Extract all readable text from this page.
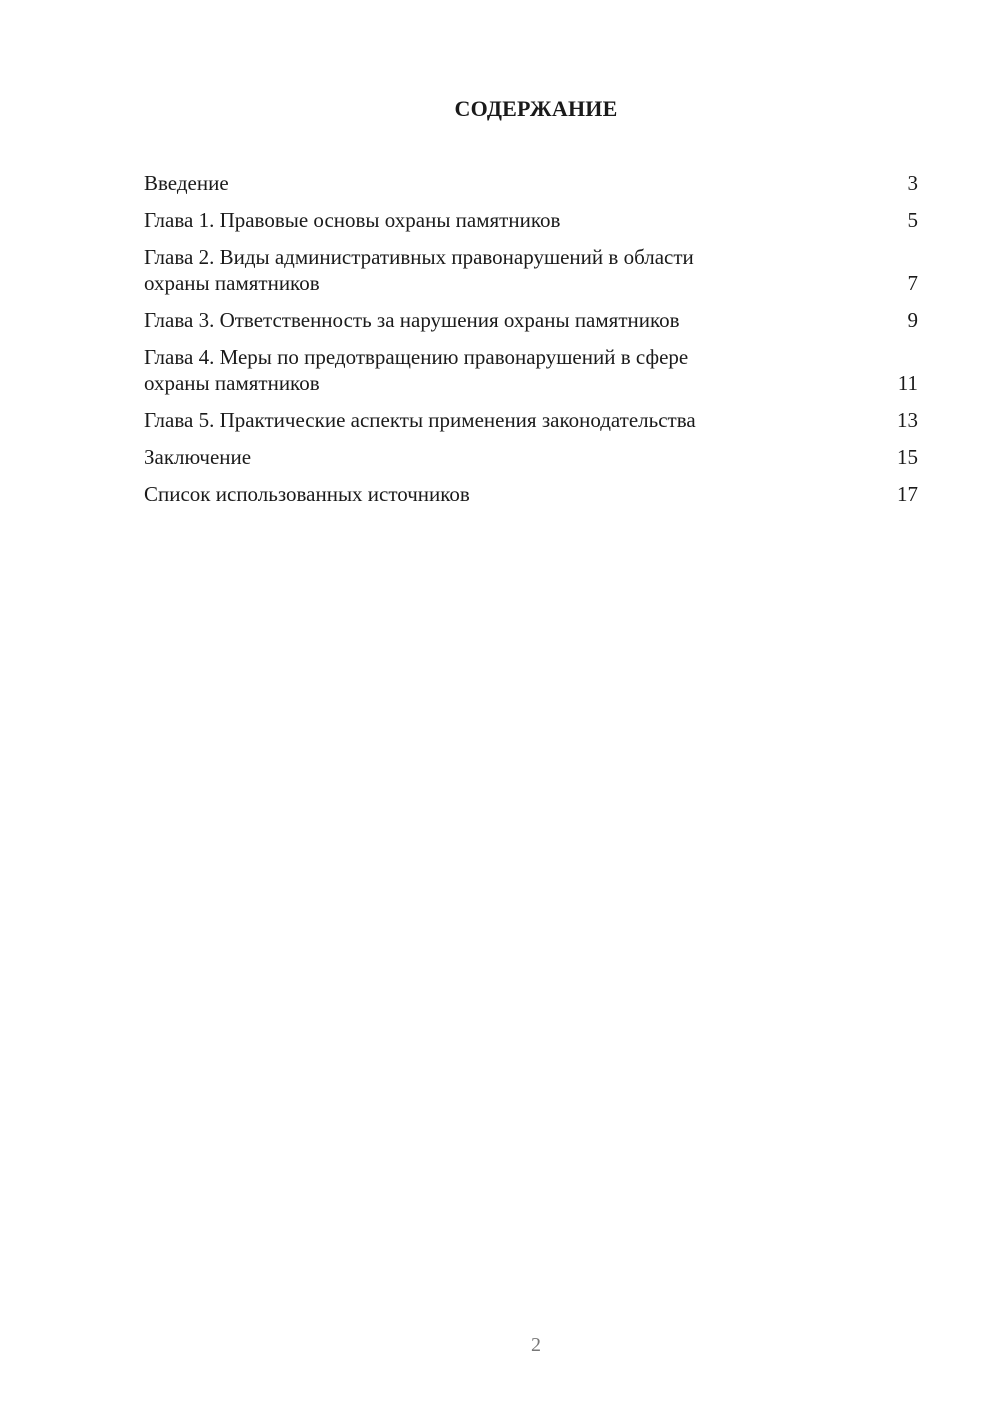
СОДЕРЖАНИЕ
Введение	3
Глава 1. Правовые основы охраны памятников	5
Глава 2. Виды административных правонарушений в области
охраны памятников	7
Глава 3. Ответственность за нарушения охраны памятников	9
Глава 4. Меры по предотвращению правонарушений в сфере
охраны памятников	11
Глава 5. Практические аспекты применения законодательства	13
Заключение	15
Список использованных источников	17
2
